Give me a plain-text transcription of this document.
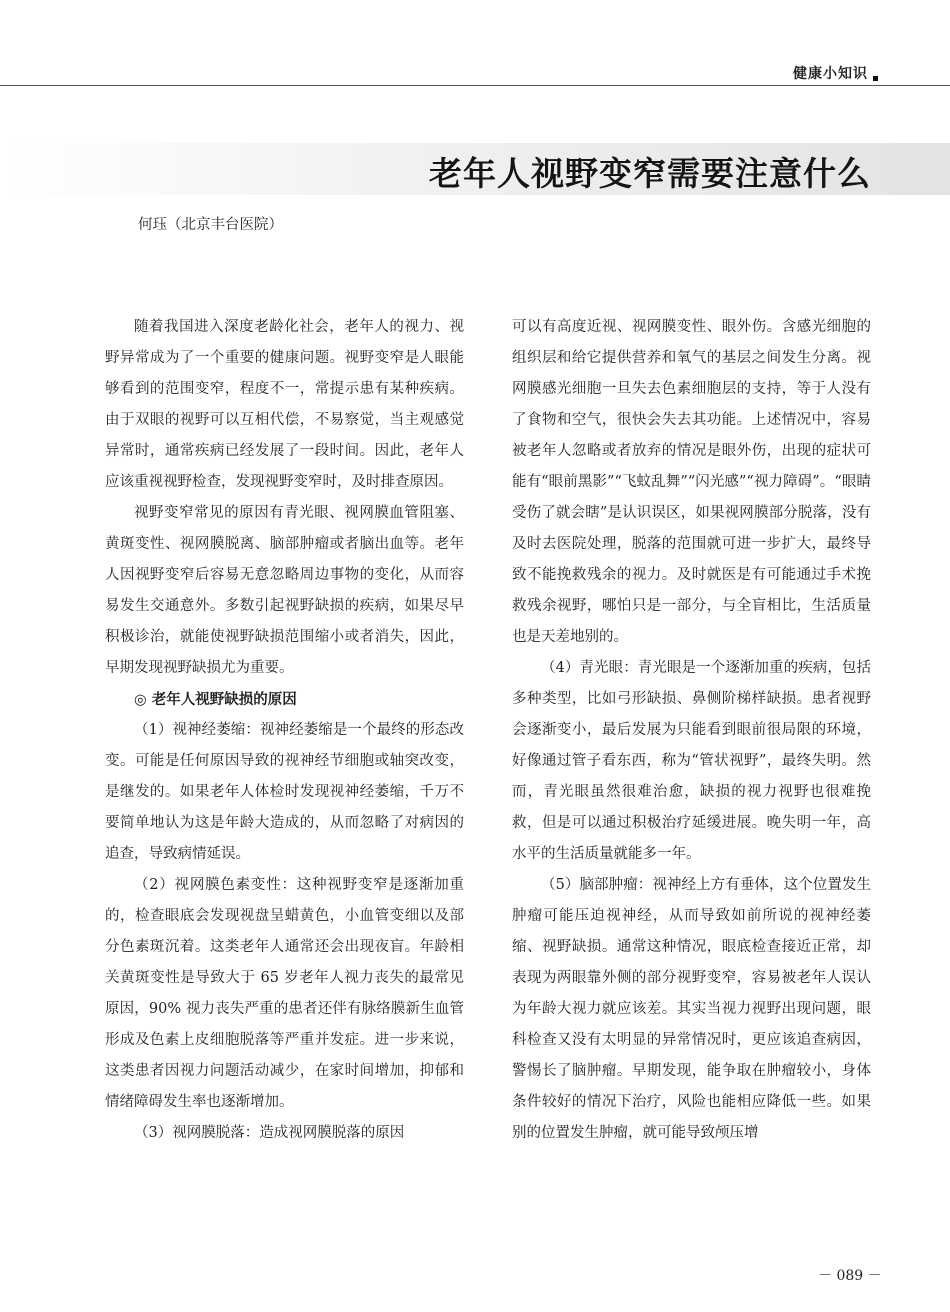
健康小知识
老年人视野变窄需要注意什么
何珏（北京丰台医院）

随着我国进入深度老龄化社会，老年人的视力、视野异常成为了一个重要的健康问题。视野变窄是人眼能够看到的范围变窄，程度不一，常提示患有某种疾病。由于双眼的视野可以互相代偿，不易察觉，当主观感觉异常时，通常疾病已经发展了一段时间。因此，老年人应该重视视野检查，发现视野变窄时，及时排查原因。

视野变窄常见的原因有青光眼、视网膜血管阻塞、黄斑变性、视网膜脱离、脑部肿瘤或者脑出血等。老年人因视野变窄后容易无意忽略周边事物的变化，从而容易发生交通意外。多数引起视野缺损的疾病，如果尽早积极诊治，就能使视野缺损范围缩小或者消失，因此，早期发现视野缺损尤为重要。

◎ 老年人视野缺损的原因

（1）视神经萎缩：视神经萎缩是一个最终的形态改变。可能是任何原因导致的视神经节细胞或轴突改变，是继发的。如果老年人体检时发现视神经萎缩，千万不要简单地认为这是年龄大造成的，从而忽略了对病因的追查，导致病情延误。

（2）视网膜色素变性：这种视野变窄是逐渐加重的，检查眼底会发现视盘呈蜡黄色，小血管变细以及部分色素斑沉着。这类老年人通常还会出现夜盲。年龄相关黄斑变性是导致大于 65 岁老年人视力丧失的最常见原因，90% 视力丧失严重的患者还伴有脉络膜新生血管形成及色素上皮细胞脱落等严重并发症。进一步来说，这类患者因视力问题活动减少，在家时间增加，抑郁和情绪障碍发生率也逐渐增加。

（3）视网膜脱落：造成视网膜脱落的原因

可以有高度近视、视网膜变性、眼外伤。含感光细胞的组织层和给它提供营养和氧气的基层之间发生分离。视网膜感光细胞一旦失去色素细胞层的支持，等于人没有了食物和空气，很快会失去其功能。上述情况中，容易被老年人忽略或者放弃的情况是眼外伤，出现的症状可能有“眼前黑影”“飞蚊乱舞”“闪光感”“视力障碍”。“眼睛受伤了就会瞎”是认识误区，如果视网膜部分脱落，没有及时去医院处理，脱落的范围就可进一步扩大，最终导致不能挽救残余的视力。及时就医是有可能通过手术挽救残余视野，哪怕只是一部分，与全盲相比，生活质量也是天差地别的。

（4）青光眼：青光眼是一个逐渐加重的疾病，包括多种类型，比如弓形缺损、鼻侧阶梯样缺损。患者视野会逐渐变小，最后发展为只能看到眼前很局限的环境，好像通过管子看东西，称为“管状视野”，最终失明。然而，青光眼虽然很难治愈，缺损的视力视野也很难挽救，但是可以通过积极治疗延缓进展。晚失明一年，高水平的生活质量就能多一年。

（5）脑部肿瘤：视神经上方有垂体，这个位置发生肿瘤可能压迫视神经，从而导致如前所说的视神经萎缩、视野缺损。通常这种情况，眼底检查接近正常，却表现为两眼靠外侧的部分视野变窄，容易被老年人误认为年龄大视力就应该差。其实当视力视野出现问题，眼科检查又没有太明显的异常情况时，更应该追查病因，警惕长了脑肿瘤。早期发现，能争取在肿瘤较小，身体条件较好的情况下治疗，风险也能相应降低一些。如果别的位置发生肿瘤，就可能导致颅压增

－ 089 －
